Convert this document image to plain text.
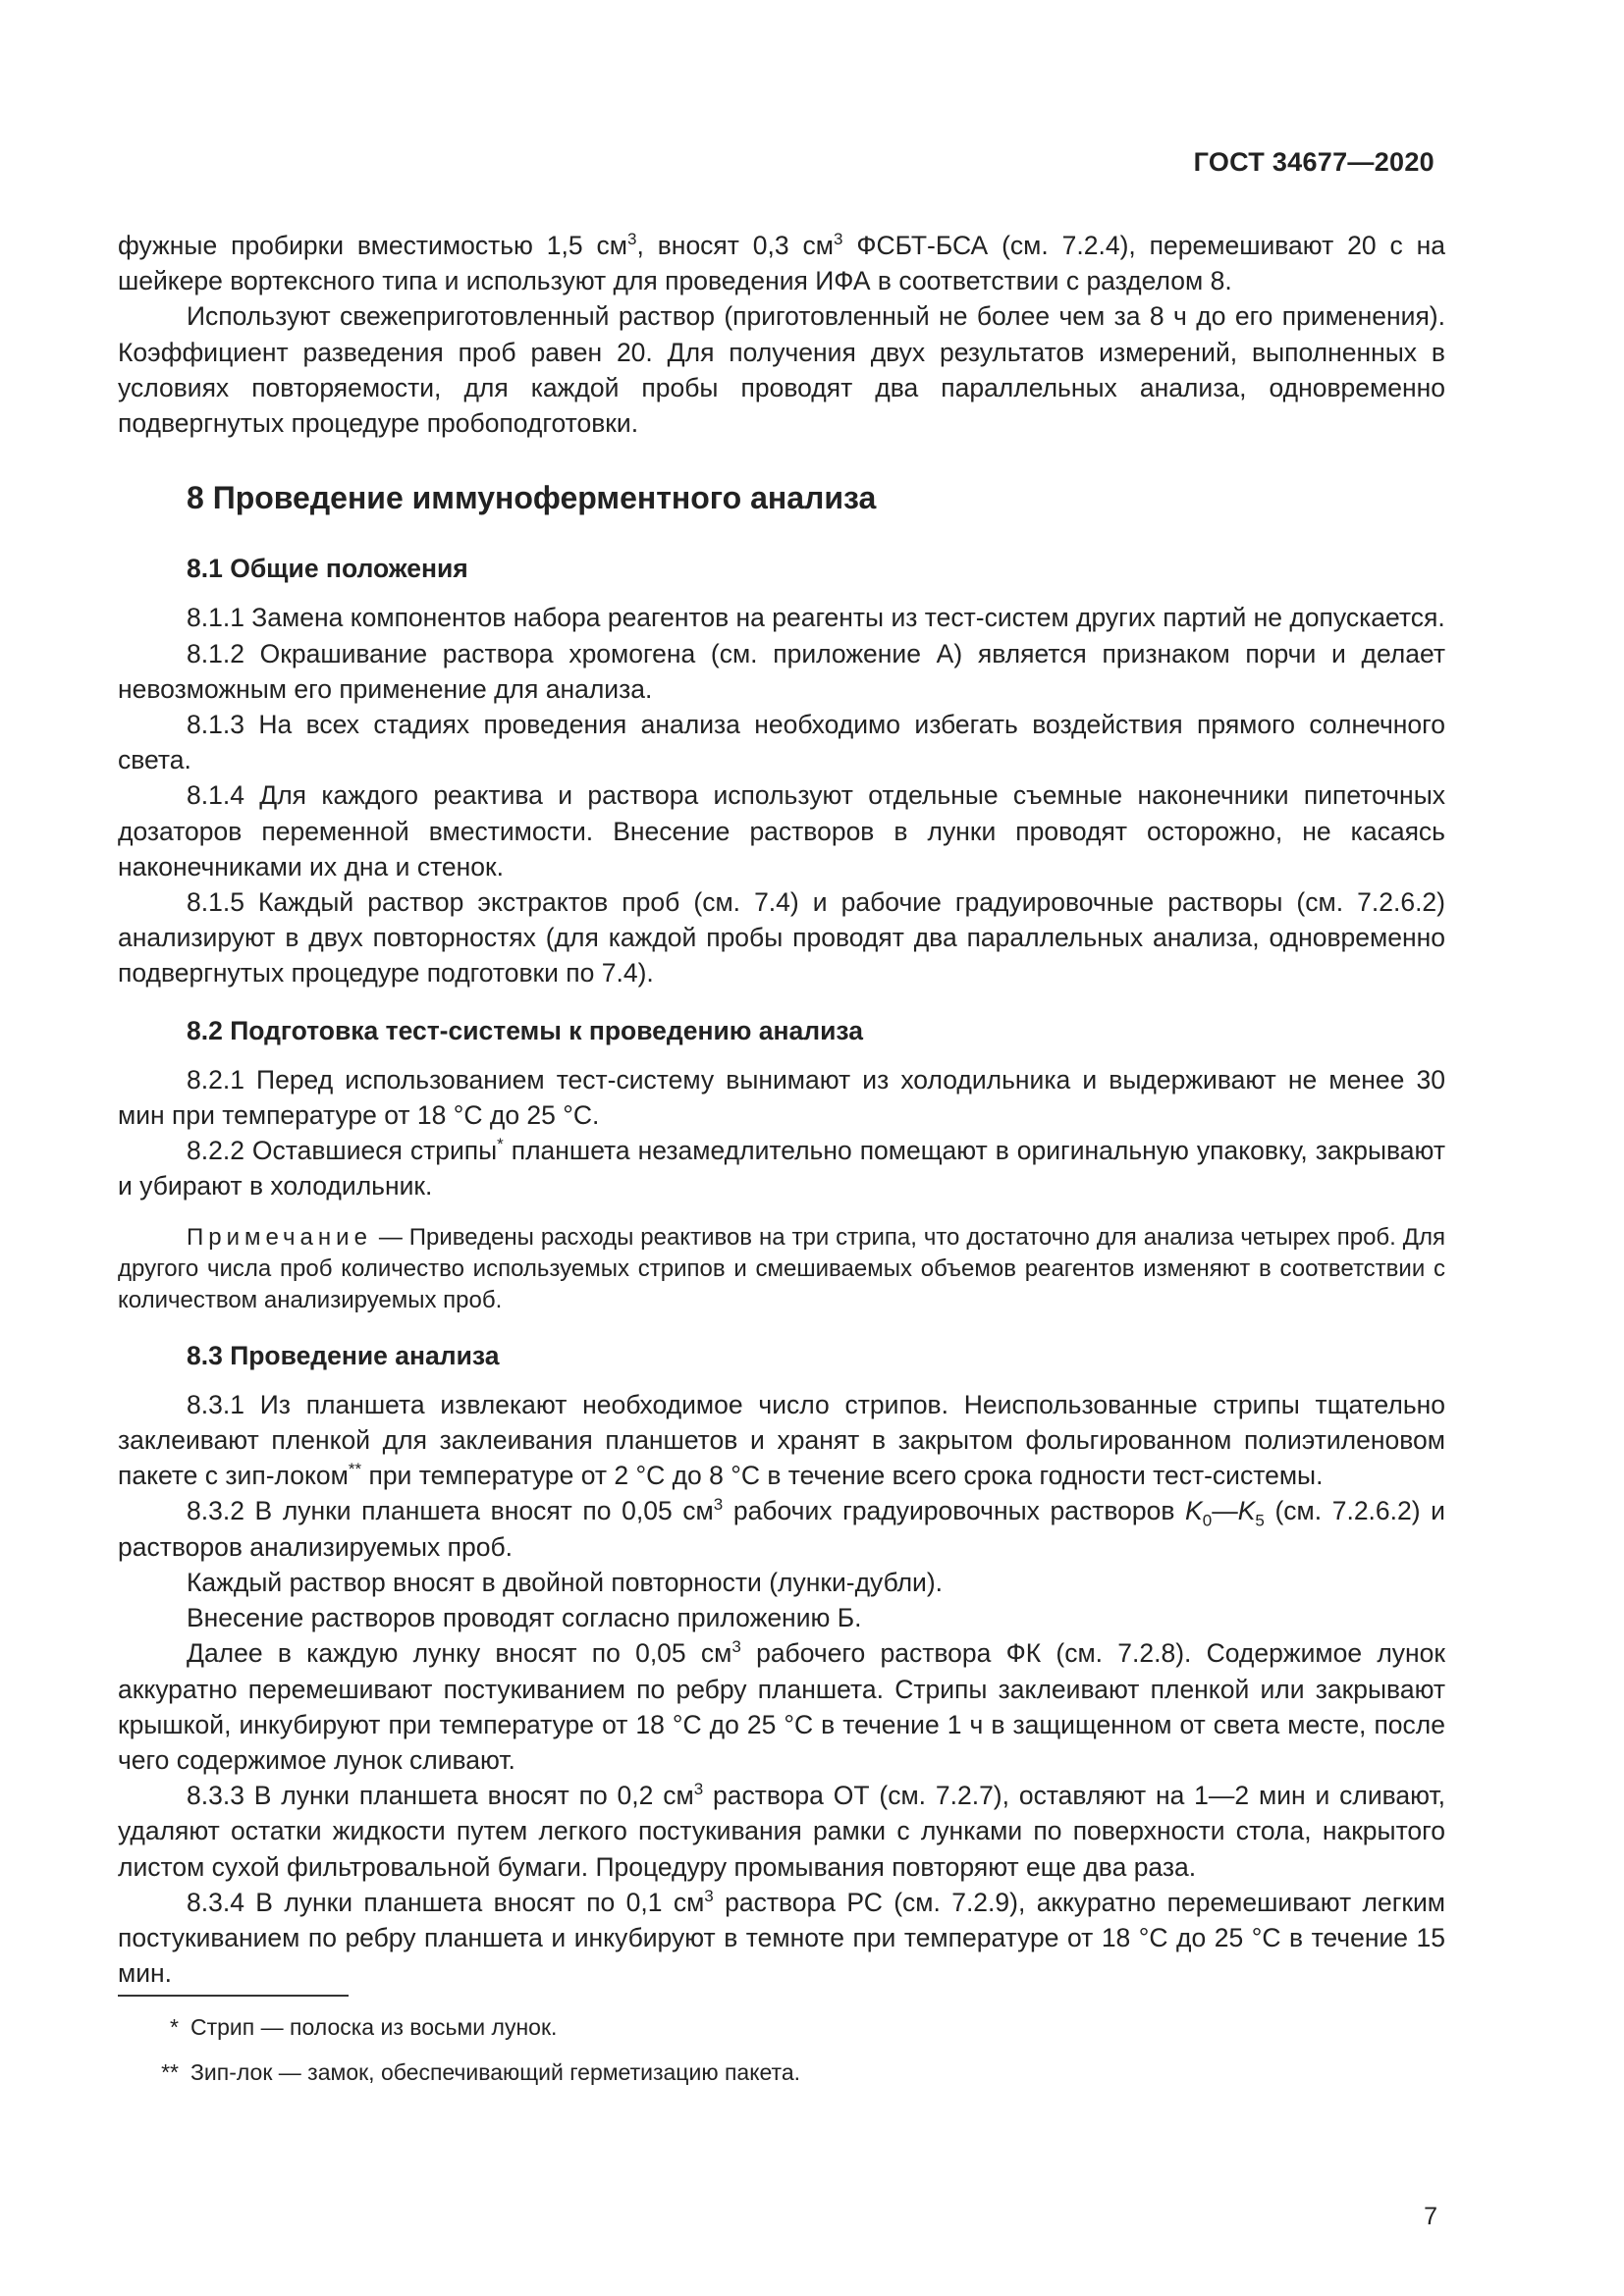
ГОСТ 34677—2020

фужные пробирки вместимостью 1,5 $см^3$, вносят 0,3 $см^3$ ФСБТ-БСА (см. 7.2.4), перемешивают 20 с на шейкере вортексного типа и используют для проведения ИФА в соответствии с разделом 8.

Используют свежеприготовленный раствор (приготовленный не более чем за 8 ч до его применения). Коэффициент разведения проб равен 20. Для получения двух результатов измерений, выполненных в условиях повторяемости, для каждой пробы проводят два параллельных анализа, одновременно подвергнутых процедуре пробоподготовки.

8 Проведение иммуноферментного анализа
8.1 Общие положения

8.1.1 Замена компонентов набора реагентов на реагенты из тест-систем других партий не допускается.

8.1.2 Окрашивание раствора хромогена (см. приложение А) является признаком порчи и делает невозможным его применение для анализа.

8.1.3 На всех стадиях проведения анализа необходимо избегать воздействия прямого солнечного света.

8.1.4 Для каждого реактива и раствора используют отдельные съемные наконечники пипеточных дозаторов переменной вместимости. Внесение растворов в лунки проводят осторожно, не касаясь наконечниками их дна и стенок.

8.1.5 Каждый раствор экстрактов проб (см. 7.4) и рабочие градуировочные растворы (см. 7.2.6.2) анализируют в двух повторностях (для каждой пробы проводят два параллельных анализа, одновременно подвергнутых процедуре подготовки по 7.4).

8.2 Подготовка тест-системы к проведению анализа

8.2.1 Перед использованием тест-систему вынимают из холодильника и выдерживают не менее 30 мин при температуре от 18 °С до 25 °С.

8.2.2 Оставшиеся стрипы* планшета незамедлительно помещают в оригинальную упаковку, закрывают и убирают в холодильник.

Примечание — Приведены расходы реактивов на три стрипа, что достаточно для анализа четырех проб. Для другого числа проб количество используемых стрипов и смешиваемых объемов реагентов изменяют в соответствии с количеством анализируемых проб.

8.3 Проведение анализа

8.3.1 Из планшета извлекают необходимое число стрипов. Неиспользованные стрипы тщательно заклеивают пленкой для заклеивания планшетов и хранят в закрытом фольгированном полиэтиленовом пакете с зип-локом** при температуре от 2 °С до 8 °С в течение всего срока годности тест-системы.

8.3.2 В лунки планшета вносят по 0,05 $см^3$ рабочих градуировочных растворов $K_0—K_5$ (см. 7.2.6.2) и растворов анализируемых проб.

Каждый раствор вносят в двойной повторности (лунки-дубли).

Внесение растворов проводят согласно приложению Б.

Далее в каждую лунку вносят по 0,05 $см^3$ рабочего раствора ФК (см. 7.2.8). Содержимое лунок аккуратно перемешивают постукиванием по ребру планшета. Стрипы заклеивают пленкой или закрывают крышкой, инкубируют при температуре от 18 °С до 25 °С в течение 1 ч в защищенном от света месте, после чего содержимое лунок сливают.

8.3.3 В лунки планшета вносят по 0,2 $см^3$ раствора ОТ (см. 7.2.7), оставляют на 1—2 мин и сливают, удаляют остатки жидкости путем легкого постукивания рамки с лунками по поверхности стола, накрытого листом сухой фильтровальной бумаги. Процедуру промывания повторяют еще два раза.

8.3.4 В лунки планшета вносят по 0,1 $см^3$ раствора РС (см. 7.2.9), аккуратно перемешивают легким постукиванием по ребру планшета и инкубируют в темноте при температуре от 18 °С до 25 °С в течение 15 мин.

* Стрип — полоска из восьми лунок.
** Зип-лок — замок, обеспечивающий герметизацию пакета.
7
